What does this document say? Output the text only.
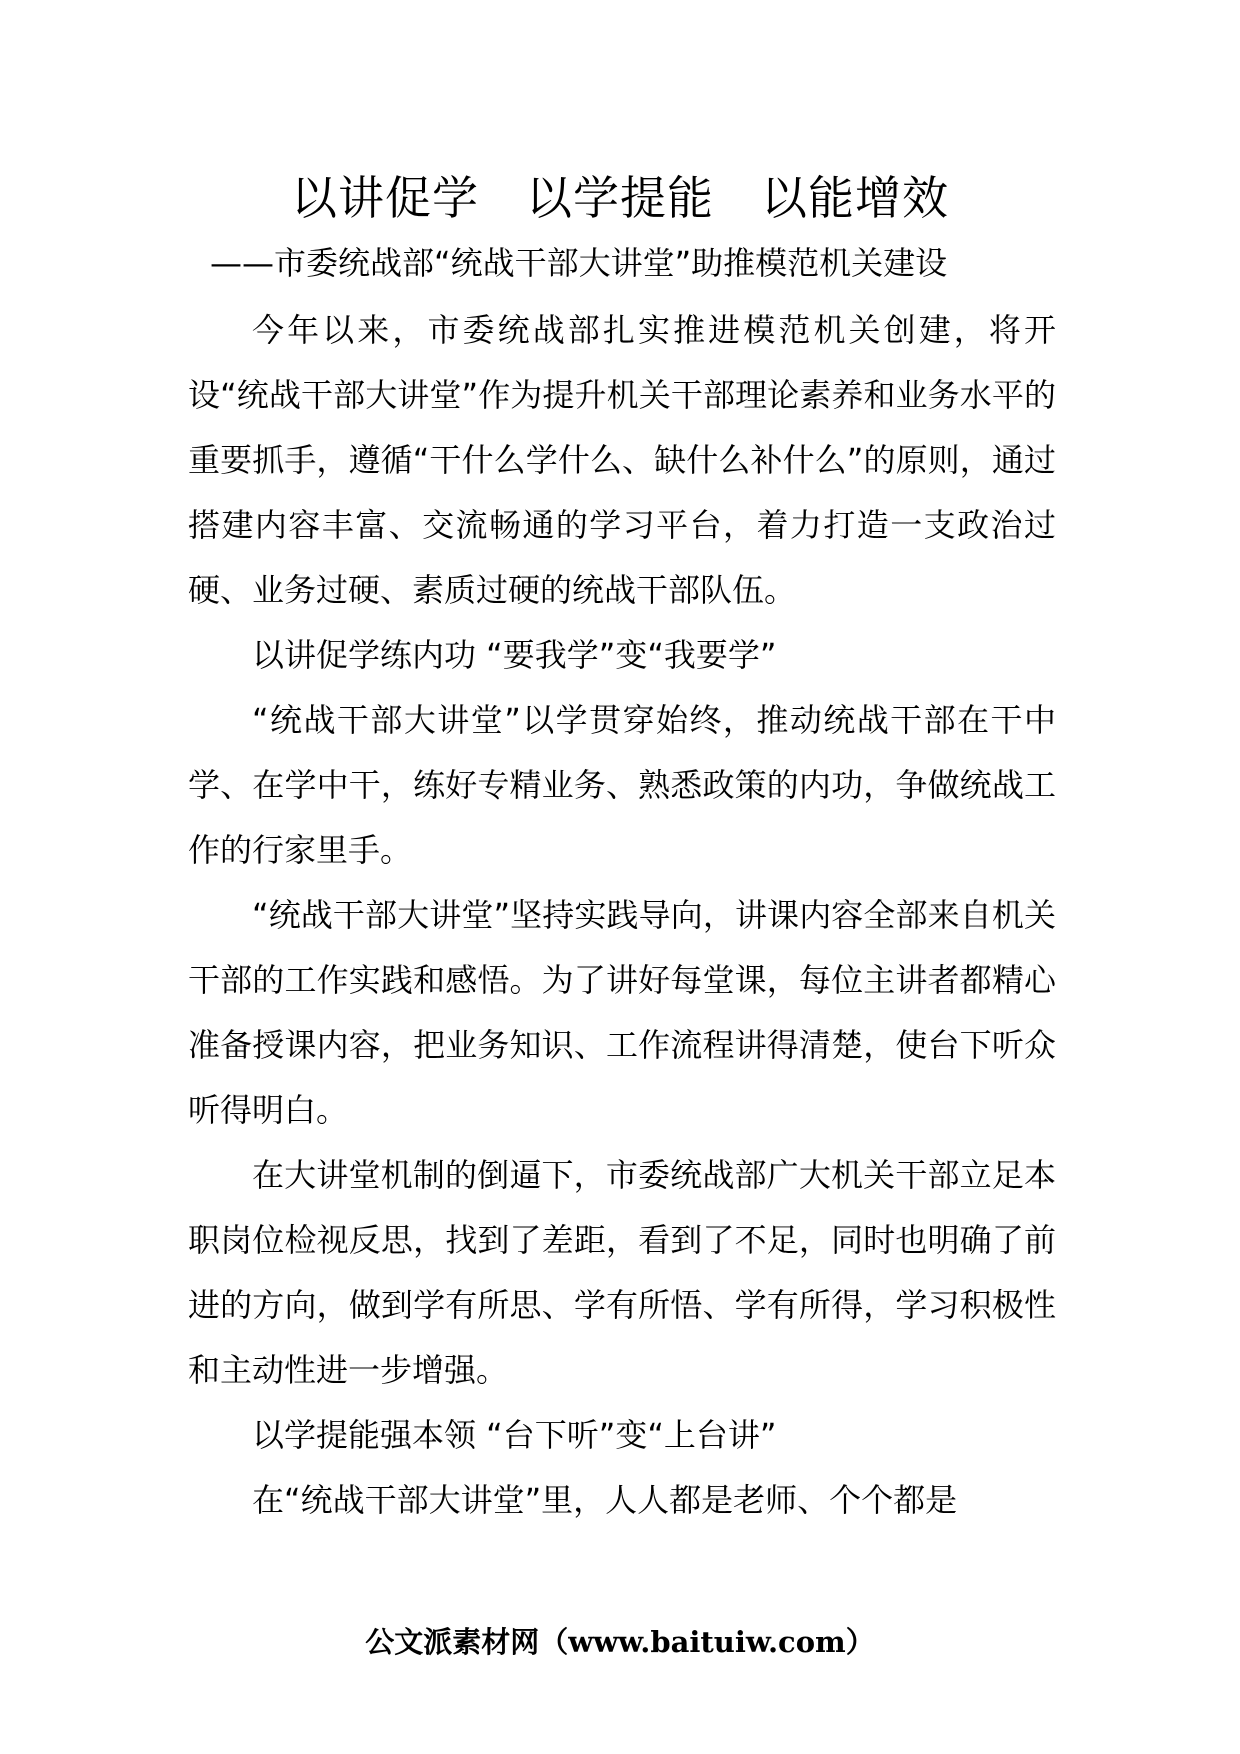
以讲促学　以学提能　以能增效
——市委统战部“统战干部大讲堂”助推模范机关建设

今年以来，市委统战部扎实推进模范机关创建，将开设“统战干部大讲堂”作为提升机关干部理论素养和业务水平的重要抓手，遵循“干什么学什么、缺什么补什么”的原则，通过搭建内容丰富、交流畅通的学习平台，着力打造一支政治过硬、业务过硬、素质过硬的统战干部队伍。

以讲促学练内功 “要我学”变“我要学”

“统战干部大讲堂”以学贯穿始终，推动统战干部在干中学、在学中干，练好专精业务、熟悉政策的内功，争做统战工作的行家里手。

“统战干部大讲堂”坚持实践导向，讲课内容全部来自机关干部的工作实践和感悟。为了讲好每堂课，每位主讲者都精心准备授课内容，把业务知识、工作流程讲得清楚，使台下听众听得明白。

在大讲堂机制的倒逼下，市委统战部广大机关干部立足本职岗位检视反思，找到了差距，看到了不足，同时也明确了前进的方向，做到学有所思、学有所悟、学有所得，学习积极性和主动性进一步增强。

以学提能强本领 “台下听”变“上台讲”

在“统战干部大讲堂”里，人人都是老师、个个都是

公文派素材网（www.baituiw.com）
